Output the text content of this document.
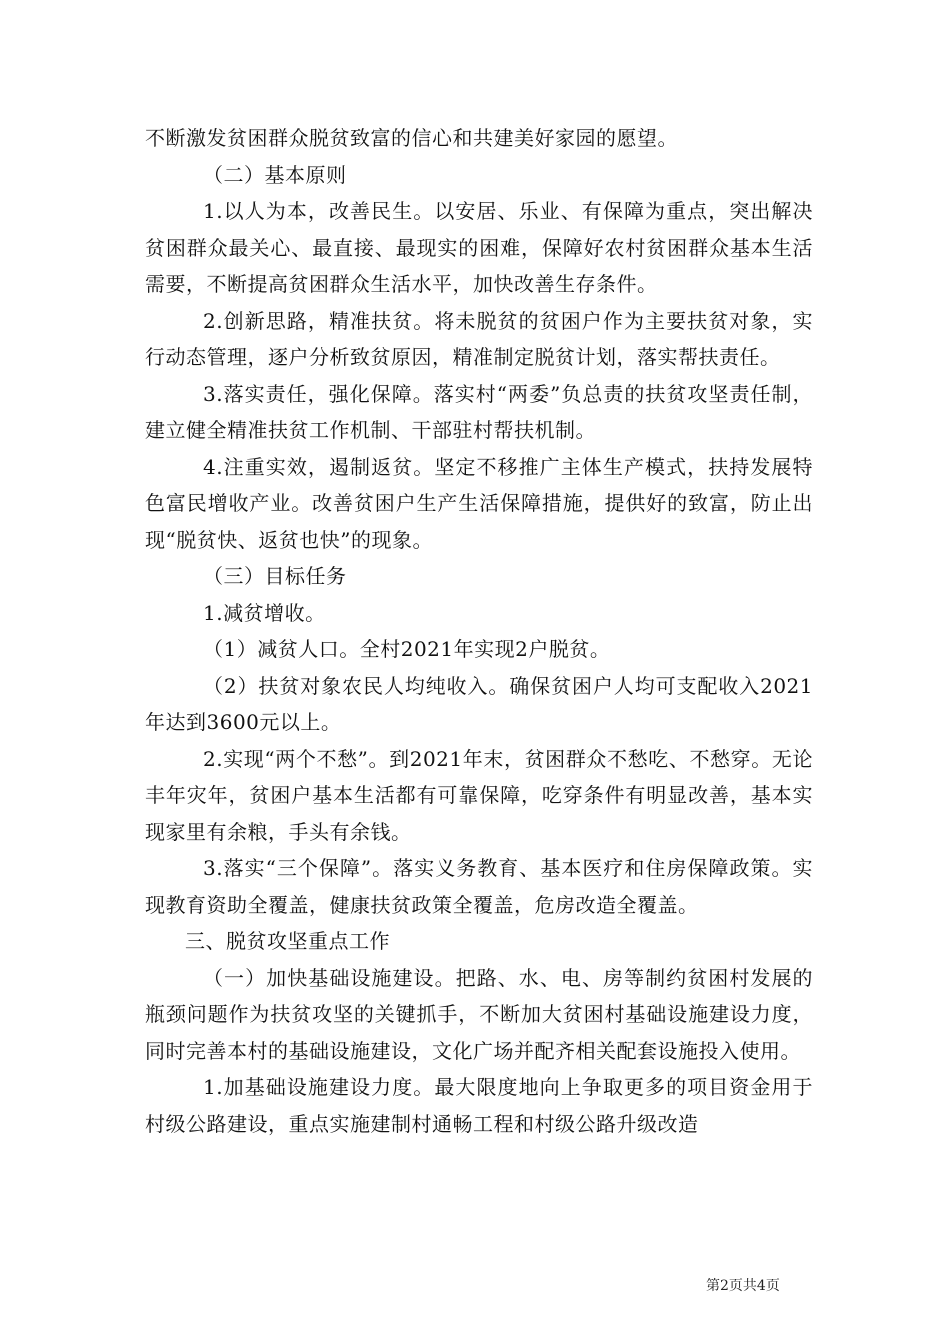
不断激发贫困群众脱贫致富的信心和共建美好家园的愿望。

（二）基本原则

1.以人为本，改善民生。以安居、乐业、有保障为重点，突出解决贫困群众最关心、最直接、最现实的困难，保障好农村贫困群众基本生活需要，不断提高贫困群众生活水平，加快改善生存条件。

2.创新思路，精准扶贫。将未脱贫的贫困户作为主要扶贫对象，实行动态管理，逐户分析致贫原因，精准制定脱贫计划，落实帮扶责任。

3.落实责任，强化保障。落实村“两委”负总责的扶贫攻坚责任制，建立健全精准扶贫工作机制、干部驻村帮扶机制。

4.注重实效，遏制返贫。坚定不移推广主体生产模式，扶持发展特色富民增收产业。改善贫困户生产生活保障措施，提供好的致富，防止出现“脱贫快、返贫也快”的现象。

（三）目标任务

1.减贫增收。

（1）减贫人口。全村2021年实现2户脱贫。

（2）扶贫对象农民人均纯收入。确保贫困户人均可支配收入2021年达到3600元以上。

2.实现“两个不愁”。到2021年末，贫困群众不愁吃、不愁穿。无论丰年灾年，贫困户基本生活都有可靠保障，吃穿条件有明显改善，基本实现家里有余粮，手头有余钱。

3.落实“三个保障”。落实义务教育、基本医疗和住房保障政策。实现教育资助全覆盖，健康扶贫政策全覆盖，危房改造全覆盖。

三、脱贫攻坚重点工作

（一）加快基础设施建设。把路、水、电、房等制约贫困村发展的瓶颈问题作为扶贫攻坚的关键抓手，不断加大贫困村基础设施建设力度，同时完善本村的基础设施建设，文化广场并配齐相关配套设施投入使用。

1.加基础设施建设力度。最大限度地向上争取更多的项目资金用于村级公路建设，重点实施建制村通畅工程和村级公路升级改造

第2页共4页
